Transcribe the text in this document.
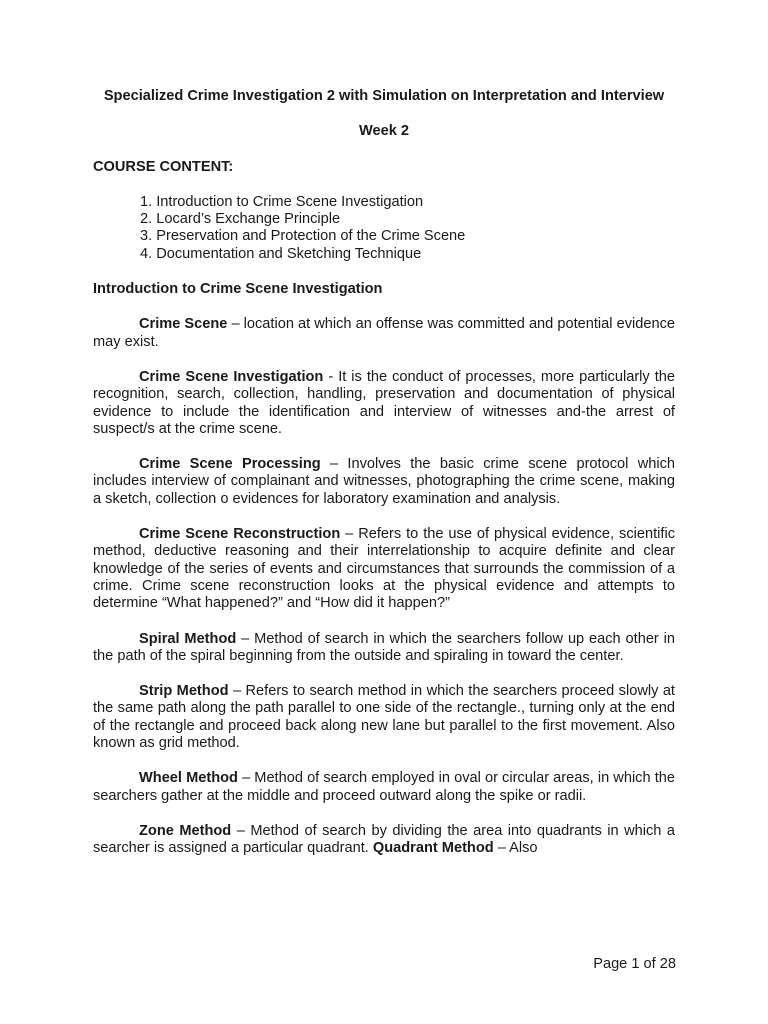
Specialized Crime Investigation 2 with Simulation on Interpretation and Interview

Week 2

COURSE CONTENT:

1. Introduction to Crime Scene Investigation
2. Locard’s Exchange Principle
3. Preservation and Protection of the Crime Scene
4. Documentation and Sketching Technique

Introduction to Crime Scene Investigation

Crime Scene – location at which an offense was committed and potential evidence may exist.

Crime Scene Investigation - It is the conduct of processes, more particularly the recognition, search, collection, handling, preservation and documentation of physical evidence to include the identification and interview of witnesses and-the arrest of suspect/s at the crime scene.

Crime Scene Processing – Involves the basic crime scene protocol which includes interview of complainant and witnesses, photographing the crime scene, making a sketch, collection o evidences for laboratory examination and analysis.

Crime Scene Reconstruction – Refers to the use of physical evidence, scientific method, deductive reasoning and their interrelationship to acquire definite and clear knowledge of the series of events and circumstances that surrounds the commission of a crime. Crime scene reconstruction looks at the physical evidence and attempts to determine “What happened?” and “How did it happen?”

Spiral Method – Method of search in which the searchers follow up each other in the path of the spiral beginning from the outside and spiraling in toward the center.

Strip Method – Refers to search method in which the searchers proceed slowly at the same path along the path parallel to one side of the rectangle., turning only at the end of the rectangle and proceed back along new lane but parallel to the first movement. Also known as grid method.

Wheel Method – Method of search employed in oval or circular areas, in which the searchers gather at the middle and proceed outward along the spike or radii.

Zone Method – Method of search by dividing the area into quadrants in which a searcher is assigned a particular quadrant. Quadrant Method – Also

Page 1 of 28
